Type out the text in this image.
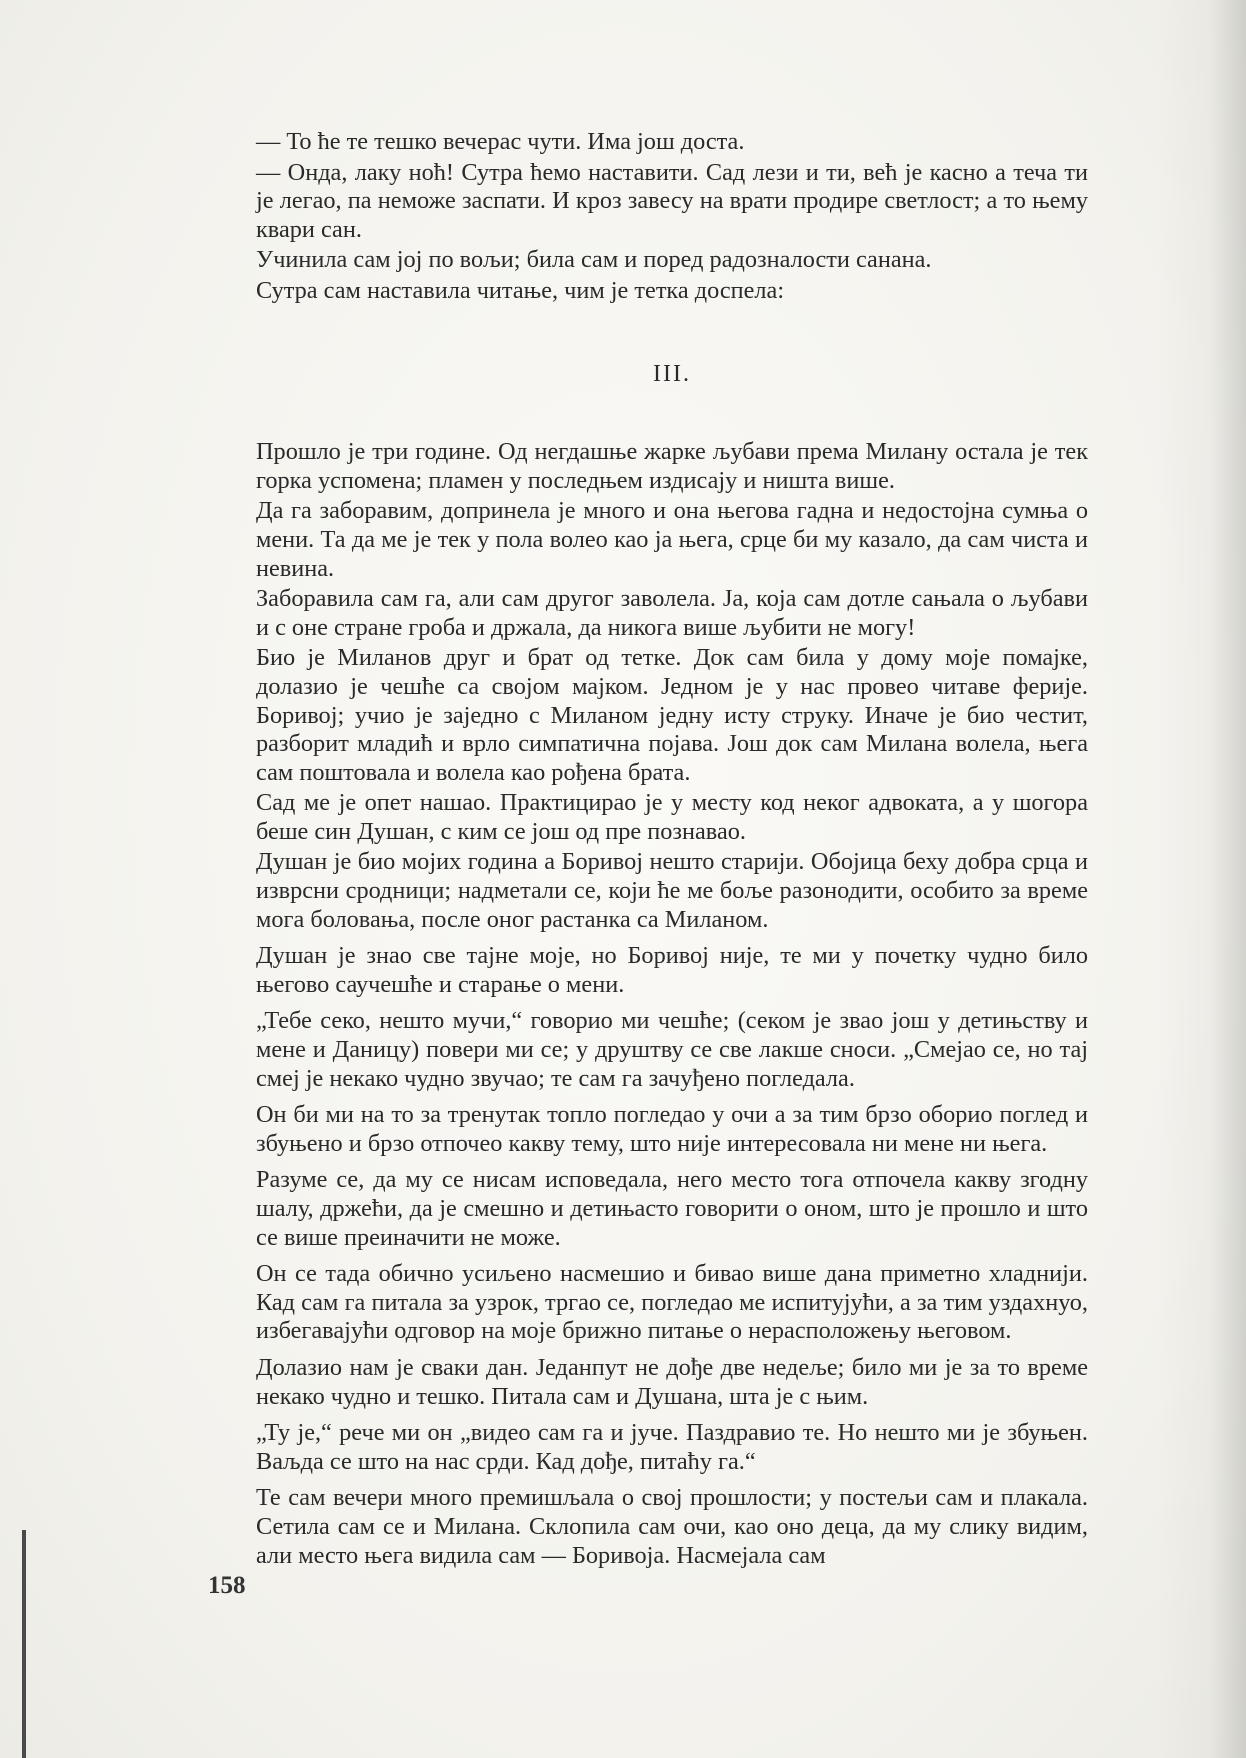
— То ће те тешко вечерас чути. Има још доста.

— Онда, лаку ноћ! Сутра ћемо наставити. Сад лези и ти, већ је касно а теча ти је легао, па неможе заспати. И кроз завесу на врати продире светлост; а то њему квари сан.

Учинила сам јој по вољи; била сам и поред радозналости санана.

Сутра сам наставила читање, чим је тетка доспела:

III.

Прошло је три године. Од негдашње жарке љубави према Милану остала је тек горка успомена; пламен у последњем издисају и ништа више.

Да га заборавим, допринела је много и она његова гадна и недостојна сумња о мени. Та да ме је тек у пола волео као ја њега, срце би му казало, да сам чиста и невина.

Заборавила сам га, али сам другог заволела. Ја, која сам дотле сањала о љубави и с оне стране гроба и држала, да никога више љубити не могу!

Био је Миланов друг и брат од тетке. Док сам била у дому моје помајке, долазио је чешће са својом мајком. Једном је у нас провео читаве ферије. Боривој; учио је заједно с Миланом једну исту струку. Иначе је био честит, разборит младић и врло симпатична појава. Још док сам Милана волела, њега сам поштовала и волела као рођена брата.

Сад ме је опет нашао. Практицирао је у месту код неког адвоката, а у шогора беше син Душан, с ким се још од пре познавао.

Душан је био мојих година а Боривој нешто старији. Обојица беху добра срца и изврсни сродници; надметали се, који ће ме боље разонодити, особито за време мога боловања, после оног растанка са Миланом.

Душан је знао све тајне моје, но Боривој није, те ми у почетку чудно било његово саучешће и старање о мени.

„Тебе секо, нешто мучи,“ говорио ми чешће; (секом је звао још у детињству и мене и Даницу) повери ми се; у друштву се све лакше сноси. „Смејао се, но тај смеј је некако чудно звучао; те сам га зачуђено погледала.

Он би ми на то за тренутак топло погледао у очи а за тим брзо оборио поглед и збуњено и брзо отпочео какву тему, што није интересовала ни мене ни њега.

Разуме се, да му се нисам исповедала, него место тога отпочела какву згодну шалу, држећи, да је смешно и детињасто говорити о оном, што је прошло и што се више преиначити не може.

Он се тада обично усиљено насмешио и бивао више дана приметно хладнији. Кад сам га питала за узрок, тргао се, погледао ме испитујући, а за тим уздахнуо, избегавајући одговор на моје брижно питање о нерасположењу његовом.

Долазио нам је сваки дан. Једанпут не дође две недеље; било ми је за то време некако чудно и тешко. Питала сам и Душана, шта је с њим.

„Ту је,“ рече ми он „видео сам га и јуче. Паздравио те. Но нешто ми је збуњен. Ваљда се што на нас срди. Кад дође, питаћу га.“

Те сам вечери много премишљала о свој прошлости; у постељи сам и плакала. Сетила сам се и Милана. Склопила сам очи, као оно деца, да му слику видим, али место њега видила сам — Боривоја. Насмејала сам

158
